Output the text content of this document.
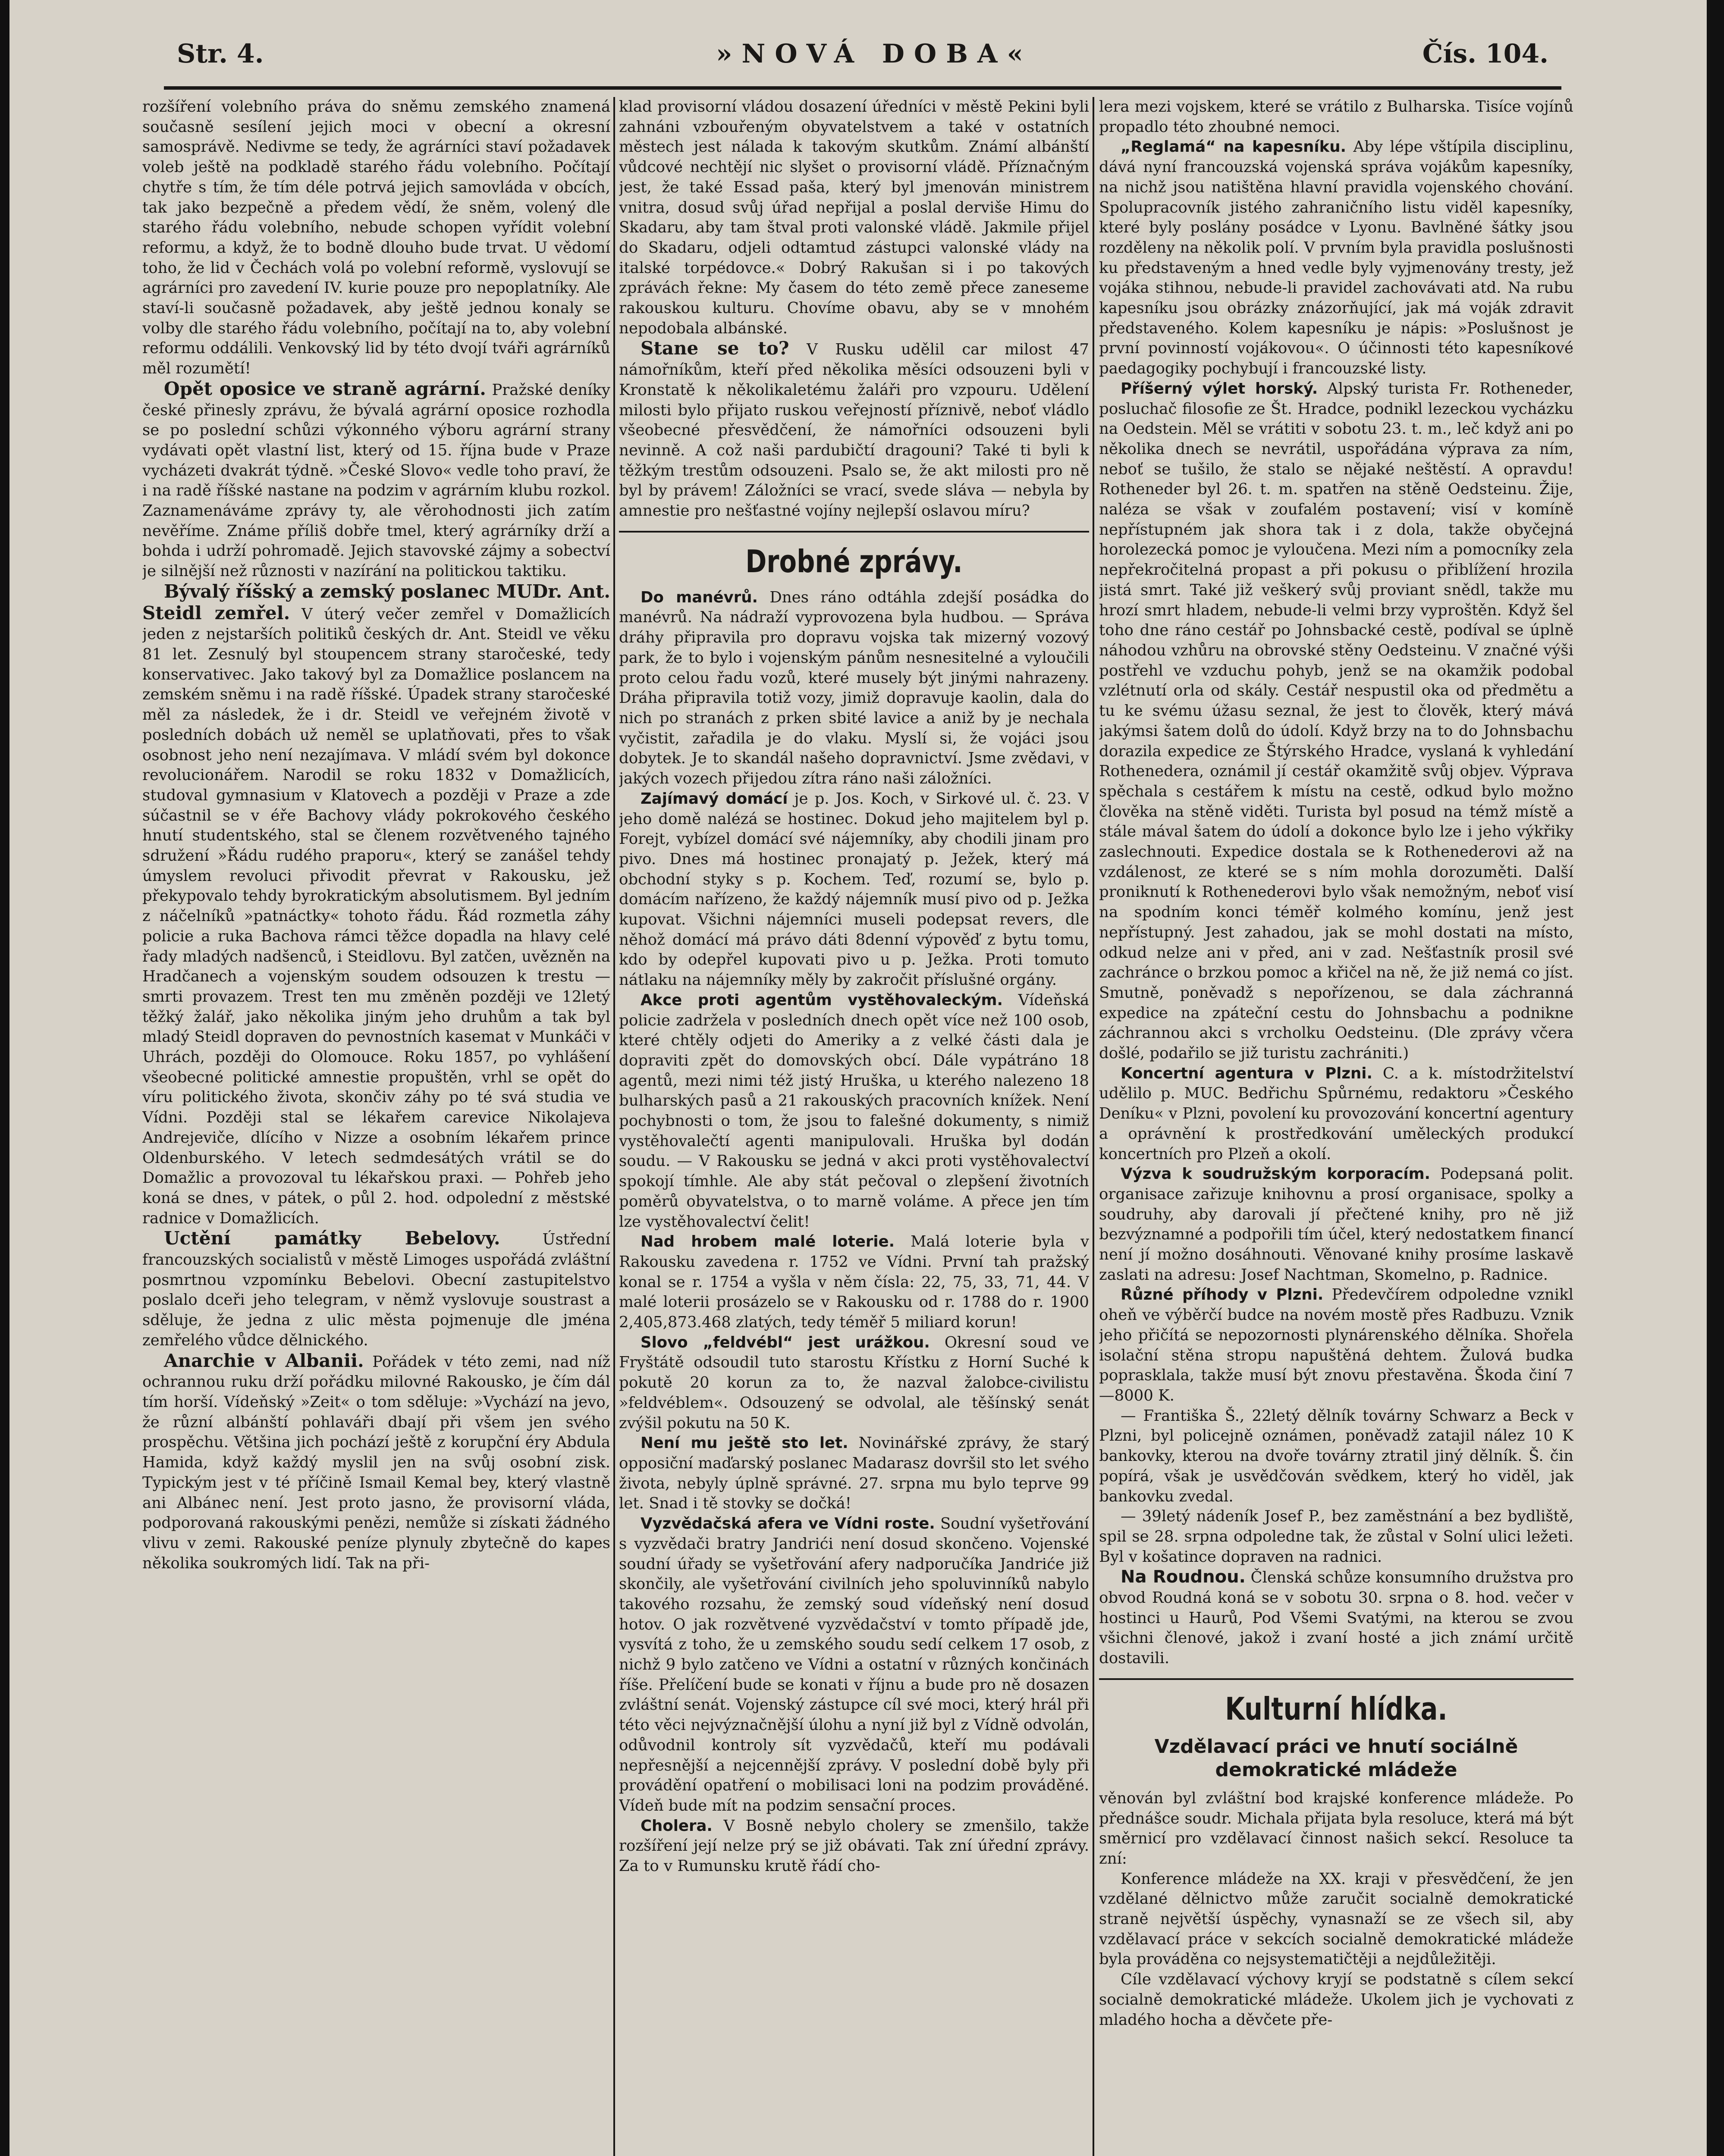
Str. 4.	»NOVÁ DOBA«	Čís. 104.

rozšíření volebního práva do sněmu zemského znamená současně sesílení jejich moci v obecní a okresní samosprávě. Nedivme se tedy, že agrárníci staví požadavek voleb ještě na podkladě starého řádu volebního. Počítají chytře s tím, že tím déle potrvá jejich samovláda v obcích, tak jako bezpečně a předem vědí, že sněm, volený dle starého řádu volebního, nebude schopen vyřídit volební reformu, a když, že to bodně dlouho bude trvat. U vědomí toho, že lid v Čechách volá po volební reformě, vyslovují se agrárníci pro zavedení IV. kurie pouze pro nepoplatníky. Ale staví-li současně požadavek, aby ještě jednou konaly se volby dle starého řádu volebního, počítají na to, aby volební reformu oddálili. Venkovský lid by této dvojí tváři agrárníků měl rozumětí!

Opět oposice ve straně agrární. Pražské deníky české přinesly zprávu, že bývalá agrární oposice rozhodla se po poslední schůzi výkonného výboru agrární strany vydávati opět vlastní list, který od 15. října bude v Praze vycházeti dvakrát týdně. »České Slovo« vedle toho praví, že i na radě říšské nastane na podzim v agrárním klubu rozkol. Zaznamenáváme zprávy ty, ale věrohodnosti jich zatím nevěříme. Známe příliš dobře tmel, který agrárníky drží a bohda i udrží pohromadě. Jejich stavovské zájmy a sobectví je silnější než různosti v nazírání na politickou taktiku.

Bývalý říšský a zemský poslanec MUDr. Ant. Steidl zemřel. V úterý večer zemřel v Domažlicích jeden z nejstarších politiků českých dr. Ant. Steidl ve věku 81 let. Zesnulý byl stoupencem strany staročeské, tedy konservativec. Jako takový byl za Domažlice poslancem na zemském sněmu i na radě říšské. Úpadek strany staročeské měl za následek, že i dr. Steidl ve veřejném životě v posledních dobách už neměl se uplatňovati, přes to však osobnost jeho není nezajímava. V mládí svém byl dokonce revolucionářem. Narodil se roku 1832 v Domažlicích, studoval gymnasium v Klatovech a později v Praze a zde súčastnil se v éře Bachovy vlády pokrokového českého hnutí studentského, stal se členem rozvětveného tajného sdružení »Řádu rudého praporu«, který se zanášel tehdy úmyslem revoluci přivodit převrat v Rakousku, jež překypovalo tehdy byrokratickým absolutismem. Byl jedním z náčelníků »patnáctky« tohoto řádu. Řád rozmetla záhy policie a ruka Bachova rámci těžce dopadla na hlavy celé řady mladých nadšenců, i Steidlovu. Byl zatčen, uvězněn na Hradčanech a vojenským soudem odsouzen k trestu — smrti provazem. Trest ten mu změněn později ve 12letý těžký žalář, jako několika jiným jeho druhům a tak byl mladý Steidl dopraven do pevnostních kasemat v Munkáči v Uhrách, později do Olomouce. Roku 1857, po vyhlášení všeobecné politické amnestie propuštěn, vrhl se opět do víru politického života, skončiv záhy po té svá studia ve Vídni. Později stal se lékařem carevice Nikolajeva Andrejeviče, dlícího v Nizze a osobním lékařem prince Oldenburského. V letech sedmdesátých vrátil se do Domažlic a provozoval tu lékařskou praxi. — Pohřeb jeho koná se dnes, v pátek, o půl 2. hod. odpolední z městské radnice v Domažlicích.

Uctění památky Bebelovy.	Ústřední francouzských socialistů v městě Limoges uspořádá zvláštní posmrtnou vzpomínku Bebelovi. Obecní zastupitelstvo poslalo dceři jeho telegram, v němž vyslovuje soustrast a sděluje, že jedna z ulic města pojmenuje dle jména zemřelého vůdce dělnického.

Anarchie v Albanii. Pořádek v této zemi, nad níž ochrannou ruku drží pořádku milovné Rakousko, je čím dál tím horší. Vídeňský »Zeit« o tom sděluje: »Vychází na jevo, že různí albánští pohlaváři dbají při všem jen svého prospěchu. Většina jich pochází ještě z korupční éry Abdula Hamida, když každý myslil jen na svůj osobní zisk. Typickým jest v té příčině Ismail Kemal bey, který vlastně ani Albánec není. Jest proto jasno, že provisorní vláda, podporovaná rakouskými penězi, nemůže si získati žádného vlivu v zemi. Rakouské peníze plynuly zbytečně do kapes několika soukromých lidí. Tak na při-

klad provisorní vládou dosazení úředníci v městě Pekini byli zahnáni vzbouřeným obyvatelstvem a také v ostatních městech jest nálada k takovým skutkům. Známí albánští vůdcové nechtějí nic slyšet o provisorní vládě. Příznačným jest, že také Essad paša, který byl jmenován ministrem vnitra, dosud svůj úřad nepřijal a poslal derviše Himu do Skadaru, aby tam štval proti valonské vládě. Jakmile přijel do Skadaru, odjeli odtamtud zástupci valonské vlády na italské torpédovce.« Dobrý Rakušan si i po takových zprávách řekne: My časem do této země přece zaneseme rakouskou kulturu. Chovíme obavu, aby se v mnohém nepodobala albánské.

Stane se to? V Rusku udělil car milost 47 námořníkům, kteří před několika měsíci odsouzeni byli v Kronstatě k několikaletému žaláři pro vzpouru. Udělení milosti bylo přijato ruskou veřejností příznivě, neboť vládlo všeobecné přesvědčení, že námořníci odsouzeni byli nevinně. A což naši pardubičtí dragouni? Také ti byli k těžkým trestům odsouzeni. Psalo se, že akt milosti pro ně byl by právem! Záložníci se vrací, svede sláva — nebyla by amnestie pro nešťastné vojíny nejlepší oslavou míru?

Drobné zprávy.

Do manévrů. Dnes ráno odtáhla zdejší posádka do manévrů. Na nádraží vyprovozena byla hudbou. — Správa dráhy připravila pro dopravu vojska tak mizerný vozový park, že to bylo i vojenským pánům nesnesitelné a vyloučili proto celou řadu vozů, které musely být jinými nahrazeny. Dráha připravila totiž vozy, jimiž dopravuje kaolin, dala do nich po stranách z prken sbité lavice a aniž by je nechala vyčistit, zařadila je do vlaku. Myslí si, že vojáci jsou dobytek. Je to skandál našeho dopravnictví. Jsme zvědavi, v jakých vozech přijedou zítra ráno naši záložníci.

Zajímavý domácí je p. Jos. Koch, v Sirkové ul. č. 23. V jeho domě nalézá se hostinec. Dokud jeho majitelem byl p. Forejt, vybízel domácí své nájemníky, aby chodili jinam pro pivo. Dnes má hostinec pronajatý p. Ježek, který má obchodní styky s p. Kochem. Teď, rozumí se, bylo p. domácím nařízeno, že každý nájemník musí pivo od p. Ježka kupovat. Všichni nájemníci museli podepsat revers, dle něhož domácí má právo dáti 8denní výpověď z bytu tomu, kdo by odepřel kupovati pivo u p. Ježka. Proti tomuto nátlaku na nájemníky měly by zakročit příslušné orgány.

Akce proti agentům vystěhovaleckým. Vídeňská policie zadržela v posledních dnech opět více než 100 osob, které chtěly odjeti do Ameriky a z velké části dala je dopraviti zpět do domovských obcí. Dále vypátráno 18 agentů, mezi nimi též jistý Hruška, u kterého nalezeno 18 bulharských pasů a 21 rakouských pracovních knížek. Není pochybnosti o tom, že jsou to falešné dokumenty, s nimiž vystěhovalečtí agenti manipulovali. Hruška byl dodán soudu. — V Rakousku se jedná v akci proti vystěhovalectví spokojí tímhle. Ale aby stát pečoval o zlepšení životních poměrů obyvatelstva, o to marně voláme. A přece jen tím lze vystěhovalectví čelit!

Nad hrobem malé loterie. Malá loterie byla v Rakousku zavedena r. 1752 ve Vídni. První tah pražský konal se r. 1754 a vyšla v něm čísla: 22, 75, 33, 71, 44. V malé loterii prosázelo se v Rakousku od r. 1788 do r. 1900 2,405,873.468 zlatých, tedy téměř 5 miliard korun!

Slovo „feldvébl“ jest urážkou. Okresní soud ve Fryštátě odsoudil tuto starostu Křístku z Horní Suché k pokutě 20 korun za to, že nazval žalobce-civilistu »feldvéblem«. Odsouzený se odvolal, ale těšínský senát zvýšil pokutu na 50 K.

Není mu ještě sto let. Novinářské zprávy, že starý opposiční maďarský poslanec Madarasz dovršil sto let svého života, nebyly úplně správné. 27. srpna mu bylo teprve 99 let. Snad i tě stovky se dočká!

Vyzvědačská afera ve Vídni roste. Soudní vyšetřování s vyzvědači bratry Jandrići není dosud skončeno. Vojenské soudní úřady se vyšetřování afery nadporučíka Jandriće již skončily, ale vyšetřování civilních jeho spoluvinníků nabylo takového rozsahu, že zemský soud vídeňský není dosud hotov. O jak rozvětvené vyzvědačství v tomto případě jde, vysvítá z toho, že u zemského soudu sedí celkem 17 osob, z nichž 9 bylo zatčeno ve Vídni a ostatní v různých končinách říše. Přelíčení bude se konati v říjnu a bude pro ně dosazen zvláštní senát. Vojenský zástupce cíl své moci, který hrál při této věci nejvýznačnější úlohu a nyní již byl z Vídně odvolán, odůvodnil kontroly sít vyzvědačů, kteří mu podávali nepřesnější a nejcennější zprávy. V poslední době byly při provádění opatření o mobilisaci loni na podzim prováděné. Vídeň bude mít na podzim sensační proces.

Cholera. V Bosně nebylo cholery se zmenšilo, takže rozšíření její nelze prý se již obávati. Tak zní úřední zprávy. Za to v Rumunsku krutě řádí cho-

lera mezi vojskem, které se vrátilo z Bulharska. Tisíce vojínů propadlo této zhoubné nemoci.

„Reglamá“ na kapesníku. Aby lépe vštípila disciplinu, dává nyní francouzská vojenská správa vojákům kapesníky, na nichž jsou natištěna hlavní pravidla vojenského chování. Spolupracovník jistého zahraničního listu viděl kapesníky, které byly poslány posádce v Lyonu. Bavlněné šátky jsou rozděleny na několik polí. V prvním byla pravidla poslušnosti ku představeným a hned vedle byly vyjmenovány tresty, jež vojáka stihnou, nebude-li pravidel zachovávati atd. Na rubu kapesníku jsou obrázky znázorňující, jak má voják zdravit představeného. Kolem kapesníku je nápis: »Poslušnost je první povinností vojákovou«. O účinnosti této kapesníkové paedagogiky pochybují i francouzské listy.

Příšerný výlet horský. Alpský turista Fr. Rotheneder, posluchač filosofie ze Št. Hradce, podnikl lezeckou vycházku na Oedstein. Měl se vrátiti v sobotu 23. t. m., leč když ani po několika dnech se nevrátil, uspořádána výprava za ním, neboť se tušilo, že stalo se nějaké neštěstí. A opravdu! Rotheneder byl 26. t. m. spatřen na stěně Oedsteinu. Žije, naléza se však v zoufalém postavení; visí v komíně nepřístupném jak shora tak i z dola, takže obyčejná horolezecká pomoc je vyloučena. Mezi ním a pomocníky zela nepřekročitelná propast a při pokusu o přiblížení hrozila jistá smrt. Také již veškerý svůj proviant snědl, takže mu hrozí smrt hladem, nebude-li velmi brzy vyproštěn. Když šel toho dne ráno cestář po Johnsbacké cestě, podíval se úplně náhodou vzhůru na obrovské stěny Oedsteinu. V značné výši postřehl ve vzduchu pohyb, jenž se na okamžik podobal vzlétnutí orla od skály. Cestář nespustil oka od předmětu a tu ke svému úžasu seznal, že jest to člověk, který mává jakýmsi šatem dolů do údolí. Když brzy na to do Johnsbachu dorazila expedice ze Štýrského Hradce, vyslaná k vyhledání Rothenedera, oznámil jí cestář okamžitě svůj objev. Výprava spěchala s cestářem k místu na cestě, odkud bylo možno člověka na stěně viděti. Turista byl posud na témž místě a stále mával šatem do údolí a dokonce bylo lze i jeho výkřiky zaslechnouti. Expedice dostala se k Rothenederovi až na vzdálenost, ze které se s ním mohla dorozuměti. Další proniknutí k Rothenederovi bylo však nemožným, neboť visí na spodním konci téměř kolmého komínu, jenž jest nepřístupný. Jest zahadou, jak se mohl dostati na místo, odkud nelze ani v před, ani v zad. Nešťastník prosil své zachránce o brzkou pomoc a křičel na ně, že již nemá co jíst. Smutně, poněvadž s nepořízenou, se dala záchranná expedice na zpáteční cestu do Johnsbachu a podnikne záchrannou akci s vrcholku Oedsteinu. (Dle zprávy včera došlé, podařilo se již turistu zachrániti.)

Koncertní agentura v Plzni. C. a k. místodržitelství udělilo p. MUC. Bedřichu Spůrnému, redaktoru »Českého Deníku« v Plzni, povolení ku provozování koncertní agentury a oprávnění k prostředkování uměleckých produkcí koncertních pro Plzeň a okolí.

Výzva k soudružským korporacím. Podepsaná polit. organisace zařizuje knihovnu a prosí organisace, spolky a soudruhy, aby darovali jí přečtené knihy, pro ně již bezvýznamné a podpořili tím účel, který nedostatkem financí není jí možno dosáhnouti. Věnované knihy prosíme laskavě zaslati na adresu: Josef Nachtman, Skomelno, p. Radnice.

Různé příhody v Plzni. Předevčírem odpoledne vznikl oheň ve výběrčí budce na novém mostě přes Radbuzu. Vznik jeho přičítá se nepozornosti plynárenského dělníka. Shořela isolační stěna stropu napuštěná dehtem. Žulová budka poprasklala, takže musí být znovu přestavěna. Škoda činí 7—8000 K.

— Františka Š., 22letý dělník továrny Schwarz a Beck v Plzni, byl policejně oznámen, poněvadž zatajil nález 10 K bankovky, kterou na dvoře továrny ztratil jiný dělník. Š. čin popírá, však je usvědčován svědkem, který ho viděl, jak bankovku zvedal.

— 39letý nádeník Josef P., bez zaměstnání a bez bydliště, spil se 28. srpna odpoledne tak, že zůstal v Solní ulici ležeti. Byl v košatince dopraven na radnici.

Na Roudnou. Členská schůze konsumního družstva pro obvod Roudná koná se v sobotu 30. srpna o 8. hod. večer v hostinci u Haurů, Pod Všemi Svatými, na kterou se zvou všichni členové, jakož i zvaní hosté a jich známí určitě dostavili.

Kulturní hlídka.
Vzdělavací práci ve hnutí sociálně demokratické mládeže

věnován byl zvláštní bod krajské konference mládeže. Po přednášce soudr. Michala přijata byla resoluce, která má být směrnicí pro vzdělavací činnost našich sekcí. Resoluce ta zní:

Konference mládeže na XX. kraji v přesvědčení, že jen vzdělané dělnictvo může zaručit socialně demokratické straně největší úspěchy, vynasnaží se ze všech sil, aby vzdělavací práce v sekcích socialně demokratické mládeže byla prováděna co nejsystematičtěji a nejdůležitěji.

Cíle vzdělavací výchovy kryjí se podstatně s cílem sekcí socialně demokratické mládeže. Ukolem jich je vychovati z mladého hocha a děvčete pře-
